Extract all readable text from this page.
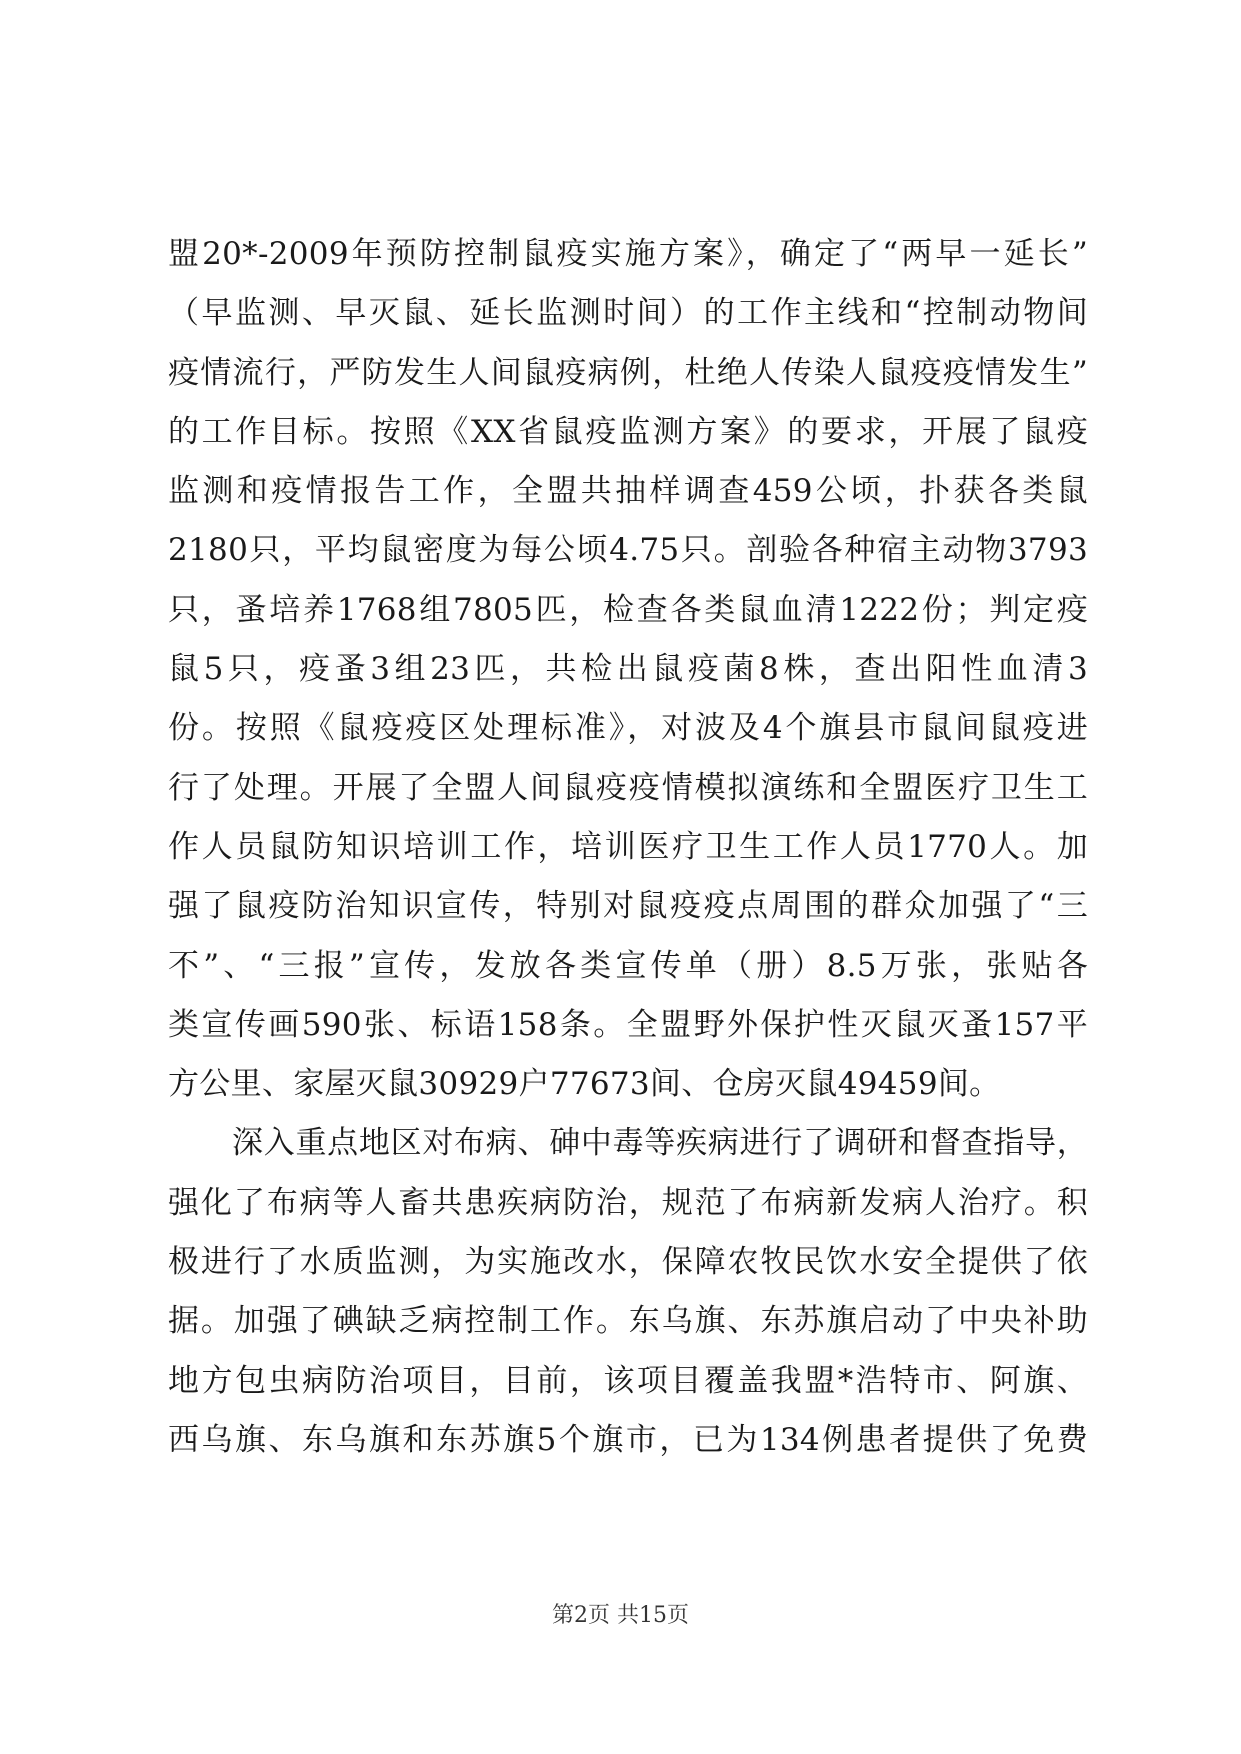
盟20*-2009年预防控制鼠疫实施方案》，确定了“两早一延长”
（早监测、早灭鼠、延长监测时间）的工作主线和“控制动物间
疫情流行，严防发生人间鼠疫病例，杜绝人传染人鼠疫疫情发生”
的工作目标。按照《XX省鼠疫监测方案》的要求，开展了鼠疫
监测和疫情报告工作，全盟共抽样调查459公顷，扑获各类鼠
2180只，平均鼠密度为每公顷4.75只。剖验各种宿主动物3793
只，蚤培养1768组7805匹，检查各类鼠血清1222份；判定疫
鼠5只，疫蚤3组23匹，共检出鼠疫菌8株，查出阳性血清3
份。按照《鼠疫疫区处理标准》，对波及4个旗县市鼠间鼠疫进
行了处理。开展了全盟人间鼠疫疫情模拟演练和全盟医疗卫生工
作人员鼠防知识培训工作，培训医疗卫生工作人员1770人。加
强了鼠疫防治知识宣传，特别对鼠疫疫点周围的群众加强了“三
不”、“三报”宣传，发放各类宣传单（册）8.5万张，张贴各
类宣传画590张、标语158条。全盟野外保护性灭鼠灭蚤157平
方公里、家屋灭鼠30929户77673间、仓房灭鼠49459间。
深入重点地区对布病、砷中毒等疾病进行了调研和督查指导，
强化了布病等人畜共患疾病防治，规范了布病新发病人治疗。积
极进行了水质监测，为实施改水，保障农牧民饮水安全提供了依
据。加强了碘缺乏病控制工作。东乌旗、东苏旗启动了中央补助
地方包虫病防治项目，目前，该项目覆盖我盟*浩特市、阿旗、
西乌旗、东乌旗和东苏旗5个旗市，已为134例患者提供了免费
第2页 共15页
